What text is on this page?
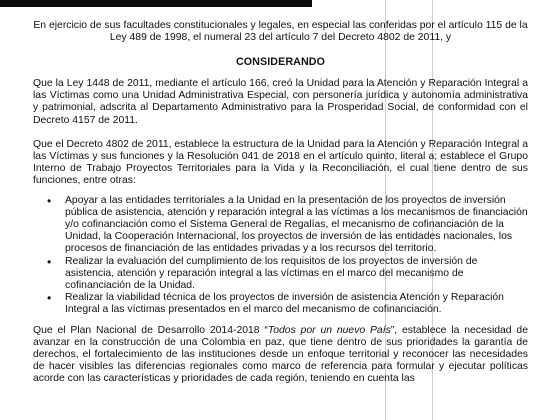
En ejercicio de sus facultades constitucionales y legales, en especial las conferidas por el artículo 115 de la Ley 489 de 1998, el numeral 23 del artículo 7 del Decreto 4802 de 2011, y

CONSIDERANDO

Que la Ley 1448 de 2011, mediante el artículo 166, creó la Unidad para la Atención y Reparación Integral a las Víctimas como una Unidad Administrativa Especial, con personería jurídica y autonomía administrativa y patrimonial, adscrita al Departamento Administrativo para la Prosperidad Social, de conformidad con el Decreto 4157 de 2011.

Que el Decreto 4802 de 2011, establece la estructura de la Unidad para la Atención y Reparación Integral a las Víctimas y sus funciones y la Resolución 041 de 2018 en el artículo quinto, literal a; establece el Grupo Interno de Trabajo Proyectos Territoriales para la Vida y la Reconciliación, el cual tiene dentro de sus funciones, entre otras:

• Apoyar a las entidades territoriales a la Unidad en la presentación de los proyectos de inversión pública de asistencia, atención y reparación integral a las víctimas a los mecanismos de financiación y/o cofinanciación como el Sistema General de Regalías, el mecanismo de cofinanciación de la Unidad, la Cooperación Internacional, los proyectos de inversión de las entidades nacionales, los procesos de financiación de las entidades privadas y a los recursos del territorio.
• Realizar la evaluación del cumplimiento de los requisitos de los proyectos de inversión de asistencia, atención y reparación integral a las víctimas en el marco del mecanismo de cofinanciación de la Unidad.
• Realizar la viabilidad técnica de los proyectos de inversión de asistencia Atención y Reparación Integral a las víctimas presentados en el marco del mecanismo de cofinanciación.

Que el Plan Nacional de Desarrollo 2014-2018 “Todos por un nuevo País”, establece la necesidad de avanzar en la construcción de una Colombia en paz, que tiene dentro de sus prioridades la garantía de derechos, el fortalecimiento de las instituciones desde un enfoque territorial y reconocer las necesidades de hacer visibles las diferencias regionales como marco de referencia para formular y ejecutar políticas acorde con las características y prioridades de cada región, teniendo en cuenta las
